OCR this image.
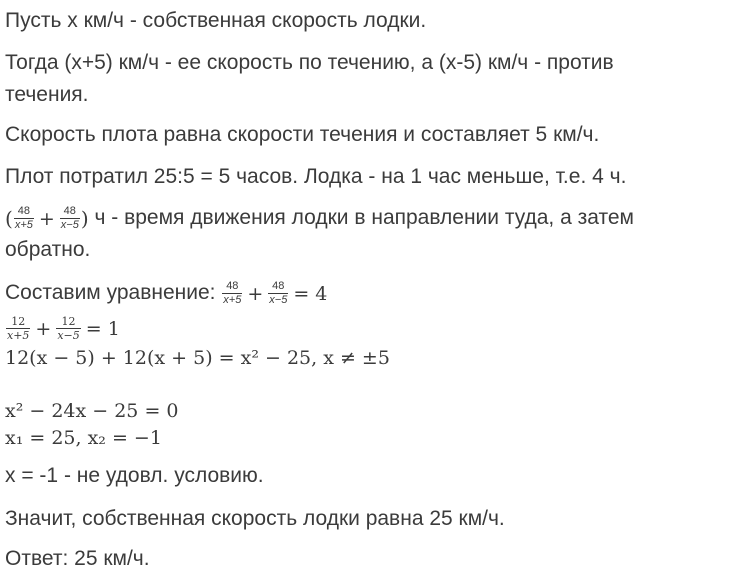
Пусть х км/ч - собственная скорость лодки.
Тогда (х+5) км/ч - ее скорость по течению, а (х-5) км/ч - против
течения.
Скорость плота равна скорости течения и составляет 5 км/ч.
Плот потратил 25:5 = 5 часов. Лодка - на 1 час меньше, т.е. 4 ч.
( $\frac{48}{x+5} + \frac{48}{x-5}$ ) ч - время движения лодки в направлении туда, а затем
обратно.
Составим уравнение: $\frac{48}{x+5} + \frac{48}{x-5} = 4$
$\frac{12}{x+5} + \frac{12}{x-5} = 1$
12(x − 5) + 12(x + 5) = x² − 25, x ≠ ±5
x² − 24x − 25 = 0
x₁ = 25, x₂ = −1
х = -1 - не удовл. условию.
Значит, собственная скорость лодки равна 25 км/ч.
Ответ: 25 км/ч.
